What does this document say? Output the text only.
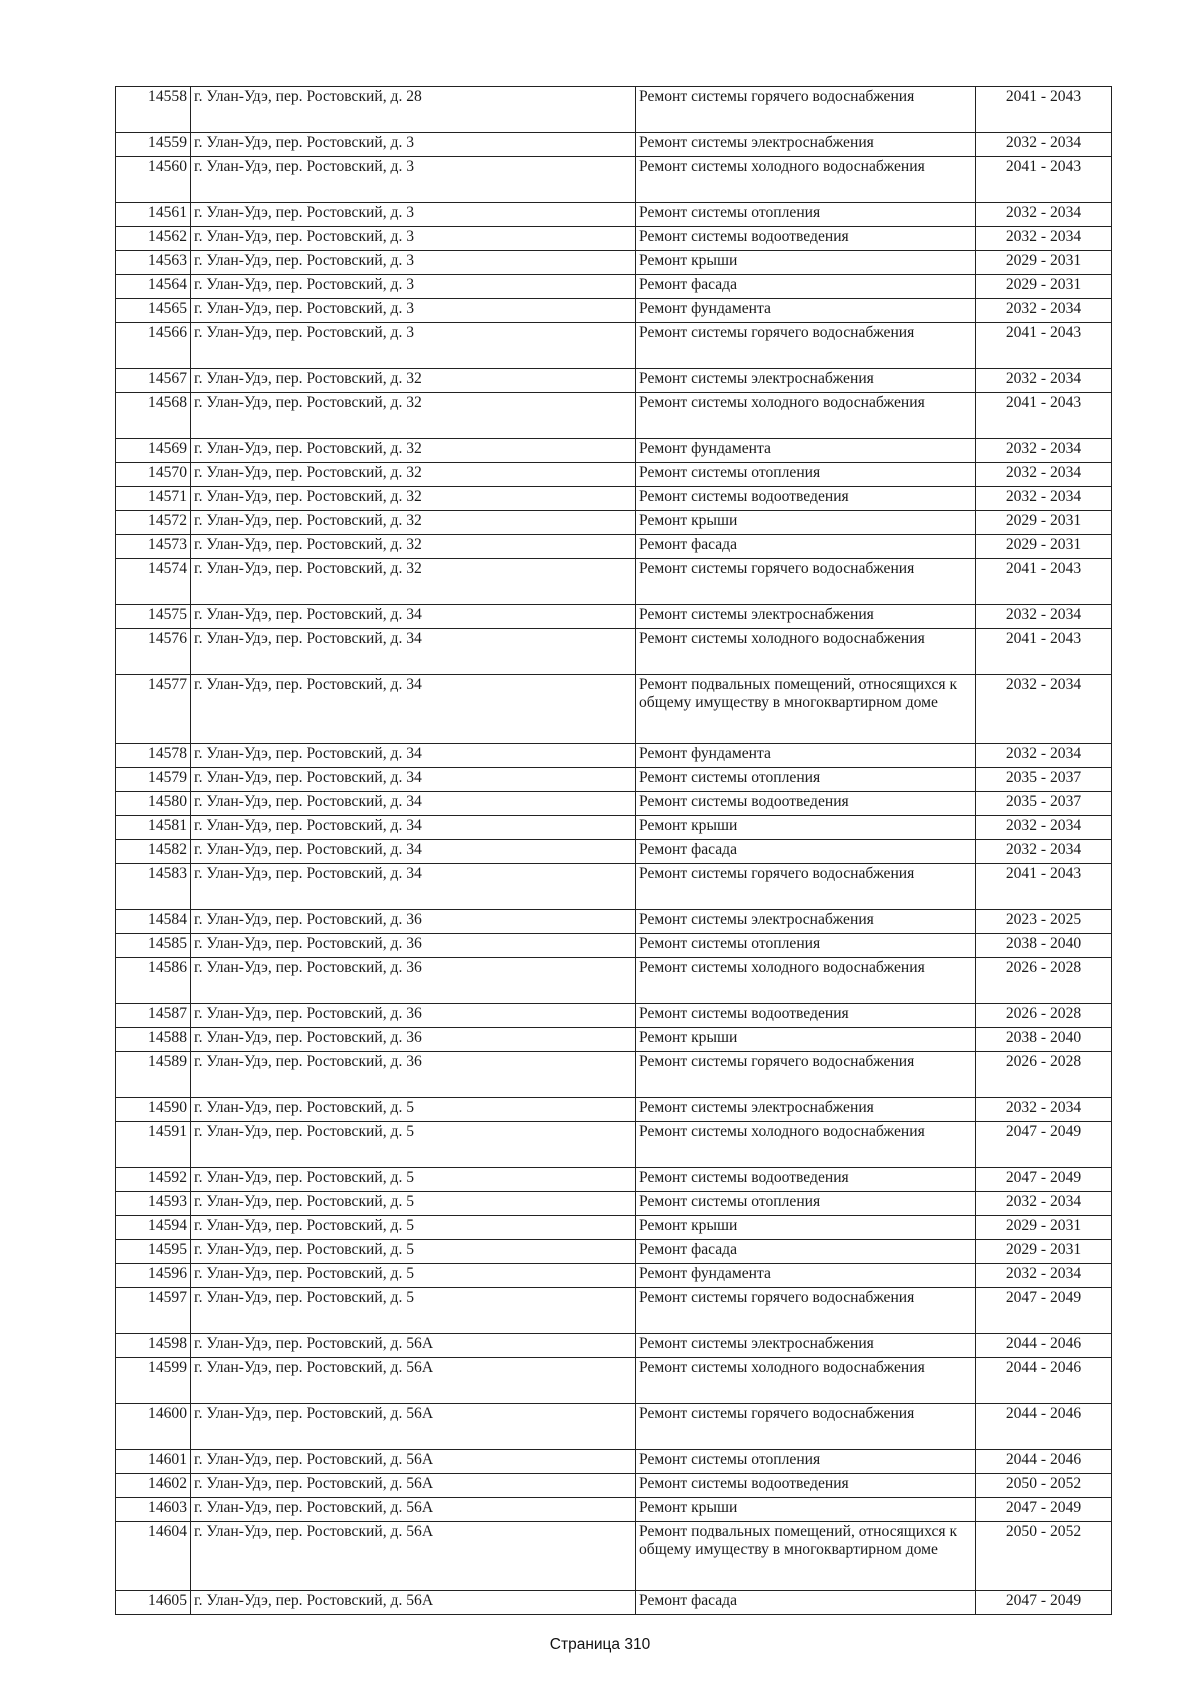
14558	г. Улан-Удэ, пер. Ростовский, д. 28	Ремонт системы горячего водоснабжения	2041 - 2043
14559	г. Улан-Удэ, пер. Ростовский, д. 3	Ремонт системы электроснабжения	2032 - 2034
14560	г. Улан-Удэ, пер. Ростовский, д. 3	Ремонт системы холодного водоснабжения	2041 - 2043
14561	г. Улан-Удэ, пер. Ростовский, д. 3	Ремонт системы отопления	2032 - 2034
14562	г. Улан-Удэ, пер. Ростовский, д. 3	Ремонт системы водоотведения	2032 - 2034
14563	г. Улан-Удэ, пер. Ростовский, д. 3	Ремонт крыши	2029 - 2031
14564	г. Улан-Удэ, пер. Ростовский, д. 3	Ремонт фасада	2029 - 2031
14565	г. Улан-Удэ, пер. Ростовский, д. 3	Ремонт фундамента	2032 - 2034
14566	г. Улан-Удэ, пер. Ростовский, д. 3	Ремонт системы горячего водоснабжения	2041 - 2043
14567	г. Улан-Удэ, пер. Ростовский, д. 32	Ремонт системы электроснабжения	2032 - 2034
14568	г. Улан-Удэ, пер. Ростовский, д. 32	Ремонт системы холодного водоснабжения	2041 - 2043
14569	г. Улан-Удэ, пер. Ростовский, д. 32	Ремонт фундамента	2032 - 2034
14570	г. Улан-Удэ, пер. Ростовский, д. 32	Ремонт системы отопления	2032 - 2034
14571	г. Улан-Удэ, пер. Ростовский, д. 32	Ремонт системы водоотведения	2032 - 2034
14572	г. Улан-Удэ, пер. Ростовский, д. 32	Ремонт крыши	2029 - 2031
14573	г. Улан-Удэ, пер. Ростовский, д. 32	Ремонт фасада	2029 - 2031
14574	г. Улан-Удэ, пер. Ростовский, д. 32	Ремонт системы горячего водоснабжения	2041 - 2043
14575	г. Улан-Удэ, пер. Ростовский, д. 34	Ремонт системы электроснабжения	2032 - 2034
14576	г. Улан-Удэ, пер. Ростовский, д. 34	Ремонт системы холодного водоснабжения	2041 - 2043
14577	г. Улан-Удэ, пер. Ростовский, д. 34	Ремонт подвальных помещений, относящихся к общему имуществу в многоквартирном доме	2032 - 2034
14578	г. Улан-Удэ, пер. Ростовский, д. 34	Ремонт фундамента	2032 - 2034
14579	г. Улан-Удэ, пер. Ростовский, д. 34	Ремонт системы отопления	2035 - 2037
14580	г. Улан-Удэ, пер. Ростовский, д. 34	Ремонт системы водоотведения	2035 - 2037
14581	г. Улан-Удэ, пер. Ростовский, д. 34	Ремонт крыши	2032 - 2034
14582	г. Улан-Удэ, пер. Ростовский, д. 34	Ремонт фасада	2032 - 2034
14583	г. Улан-Удэ, пер. Ростовский, д. 34	Ремонт системы горячего водоснабжения	2041 - 2043
14584	г. Улан-Удэ, пер. Ростовский, д. 36	Ремонт системы электроснабжения	2023 - 2025
14585	г. Улан-Удэ, пер. Ростовский, д. 36	Ремонт системы отопления	2038 - 2040
14586	г. Улан-Удэ, пер. Ростовский, д. 36	Ремонт системы холодного водоснабжения	2026 - 2028
14587	г. Улан-Удэ, пер. Ростовский, д. 36	Ремонт системы водоотведения	2026 - 2028
14588	г. Улан-Удэ, пер. Ростовский, д. 36	Ремонт крыши	2038 - 2040
14589	г. Улан-Удэ, пер. Ростовский, д. 36	Ремонт системы горячего водоснабжения	2026 - 2028
14590	г. Улан-Удэ, пер. Ростовский, д. 5	Ремонт системы электроснабжения	2032 - 2034
14591	г. Улан-Удэ, пер. Ростовский, д. 5	Ремонт системы холодного водоснабжения	2047 - 2049
14592	г. Улан-Удэ, пер. Ростовский, д. 5	Ремонт системы водоотведения	2047 - 2049
14593	г. Улан-Удэ, пер. Ростовский, д. 5	Ремонт системы отопления	2032 - 2034
14594	г. Улан-Удэ, пер. Ростовский, д. 5	Ремонт крыши	2029 - 2031
14595	г. Улан-Удэ, пер. Ростовский, д. 5	Ремонт фасада	2029 - 2031
14596	г. Улан-Удэ, пер. Ростовский, д. 5	Ремонт фундамента	2032 - 2034
14597	г. Улан-Удэ, пер. Ростовский, д. 5	Ремонт системы горячего водоснабжения	2047 - 2049
14598	г. Улан-Удэ, пер. Ростовский, д. 56А	Ремонт системы электроснабжения	2044 - 2046
14599	г. Улан-Удэ, пер. Ростовский, д. 56А	Ремонт системы холодного водоснабжения	2044 - 2046
14600	г. Улан-Удэ, пер. Ростовский, д. 56А	Ремонт системы горячего водоснабжения	2044 - 2046
14601	г. Улан-Удэ, пер. Ростовский, д. 56А	Ремонт системы отопления	2044 - 2046
14602	г. Улан-Удэ, пер. Ростовский, д. 56А	Ремонт системы водоотведения	2050 - 2052
14603	г. Улан-Удэ, пер. Ростовский, д. 56А	Ремонт крыши	2047 - 2049
14604	г. Улан-Удэ, пер. Ростовский, д. 56А	Ремонт подвальных помещений, относящихся к общему имуществу в многоквартирном доме	2050 - 2052
14605	г. Улан-Удэ, пер. Ростовский, д. 56А	Ремонт фасада	2047 - 2049
Страница 310
